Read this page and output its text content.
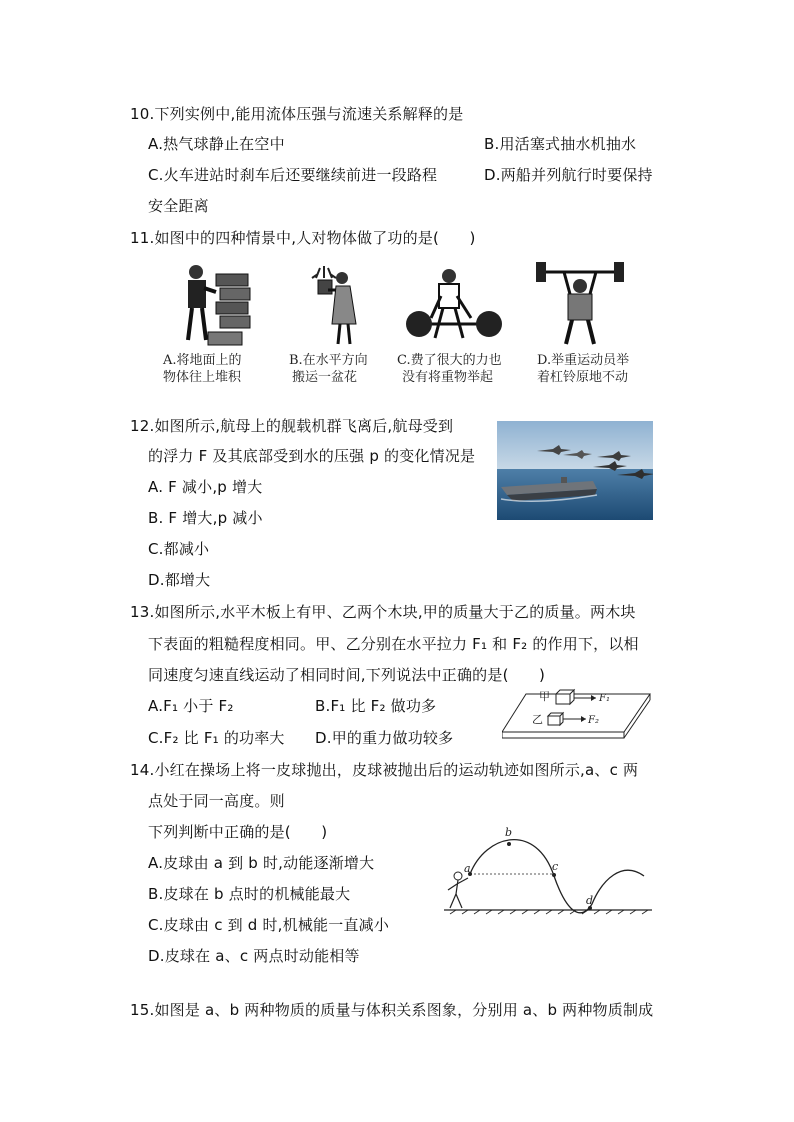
10.下列实例中,能用流体压强与流速关系解释的是
A.热气球静止在空中	B.用活塞式抽水机抽水
C.火车进站时刹车后还要继续前进一段路程	D.两船并列航行时要保持
安全距离
11.如图中的四种情景中,人对物体做了功的是(　　)
A.将地面上的
物体往上堆积
B.在水平方向
搬运一盆花
C.费了很大的力也
没有将重物举起
D.举重运动员举
着杠铃原地不动
12.如图所示,航母上的舰载机群飞离后,航母受到
的浮力 F 及其底部受到水的压强 p 的变化情况是
A. F 减小,p 增大
B. F 增大,p 减小
C.都减小
D.都增大
13.如图所示,水平木板上有甲、乙两个木块,甲的质量大于乙的质量。两木块
下表面的粗糙程度相同。甲、乙分别在水平拉力 F₁ 和 F₂ 的作用下，以相
同速度匀速直线运动了相同时间,下列说法中正确的是(　　)
A.F₁ 小于 F₂	B.F₁ 比 F₂ 做功多
C.F₂ 比 F₁ 的功率大 D.甲的重力做功较多
甲
乙
F₁
F₂
14.小红在操场上将一皮球抛出，皮球被抛出后的运动轨迹如图所示,a、c 两
点处于同一高度。则
下列判断中正确的是(　　)
A.皮球由 a 到 b 时,动能逐渐增大
B.皮球在 b 点时的机械能最大
C.皮球由 c 到 d 时,机械能一直减小
D.皮球在 a、c 两点时动能相等
a
b
c
d
15.如图是 a、b 两种物质的质量与体积关系图象，分别用 a、b 两种物质制成
